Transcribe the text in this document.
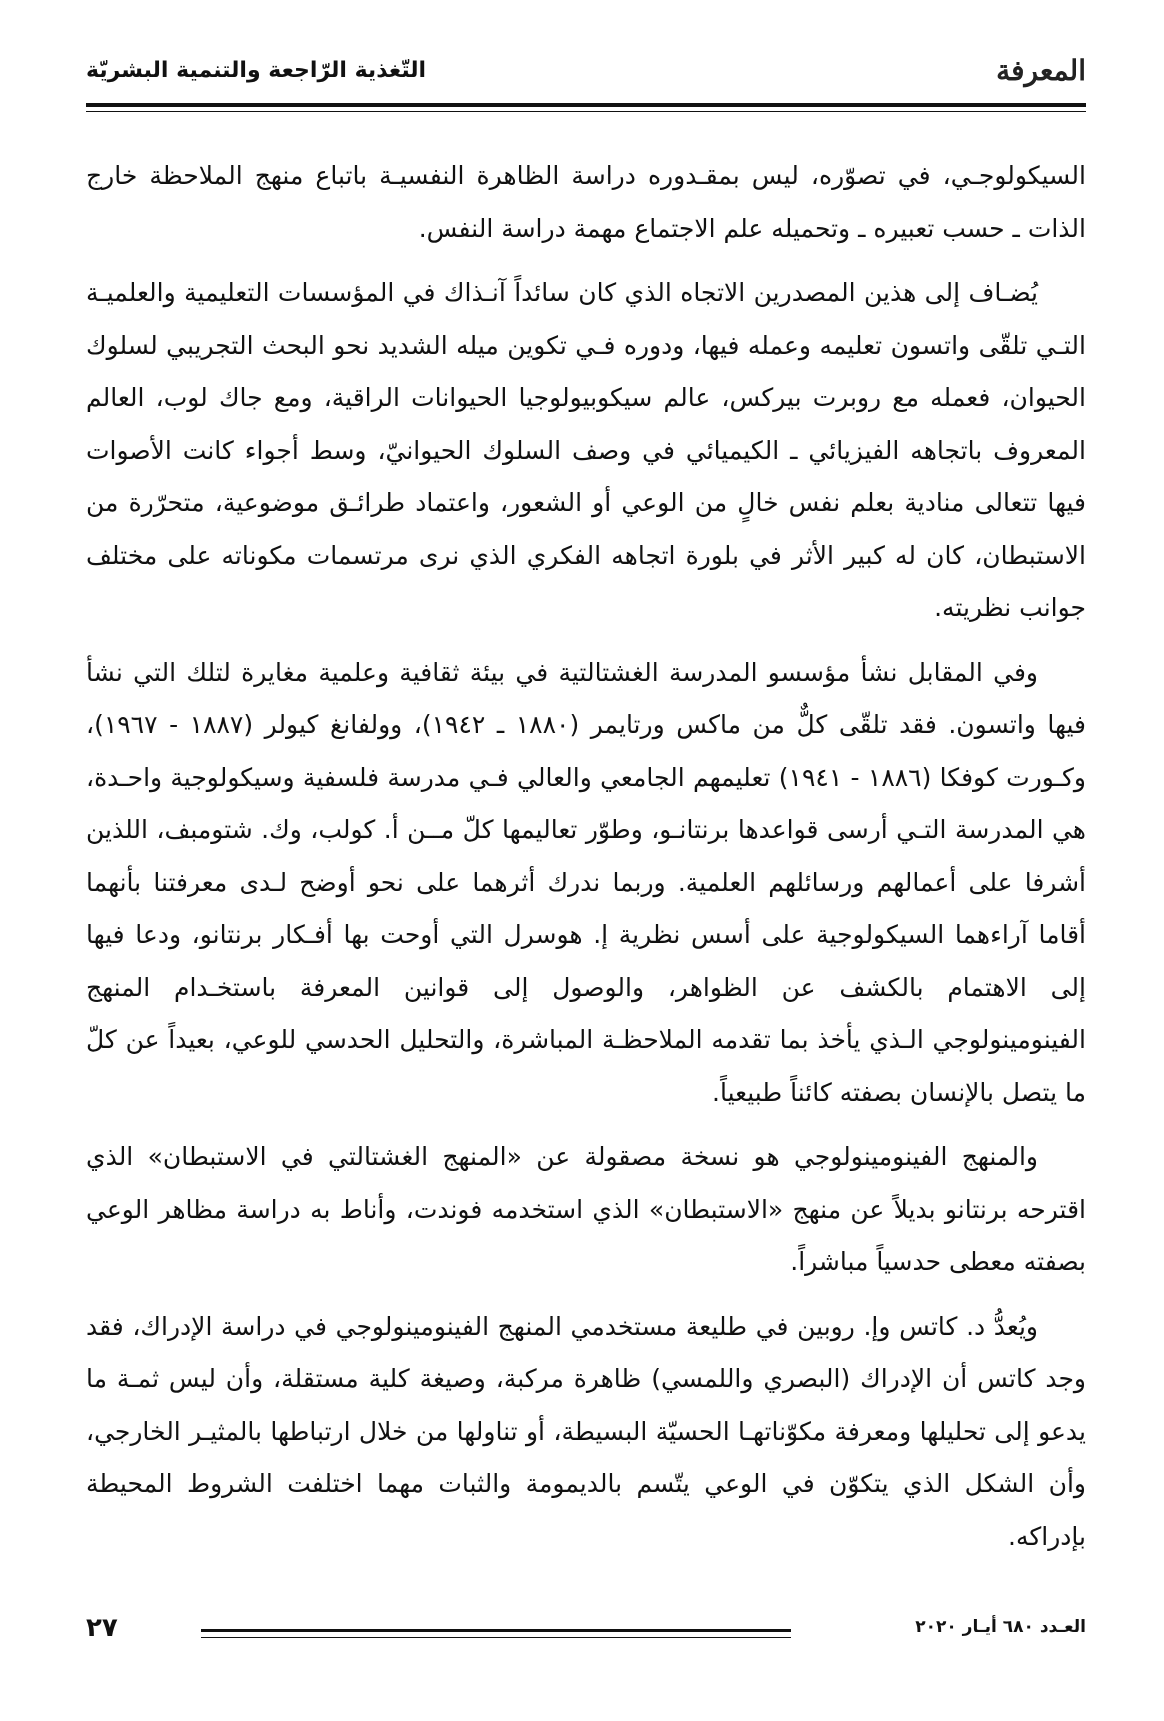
المعرفة
التّغذية الرّاجعة والتنمية البشريّة

السيكولوجـي، في تصوّره، ليس بمقـدوره دراسة الظاهرة النفسيـة باتباع منهج الملاحظة خارج الذات ـ حسب تعبيره ـ وتحميله علم الاجتماع مهمة دراسة النفس.

يُضـاف إلى هذين المصدرين الاتجاه الذي كان سائداً آنـذاك في المؤسسات التعليمية والعلميـة التـي تلقّى واتسون تعليمه وعمله فيها، ودوره فـي تكوين ميله الشديد نحو البحث التجريبي لسلوك الحيوان، فعمله مع روبرت بيركس، عالم سيكوبيولوجيا الحيوانات الراقية، ومع جاك لوب، العالم المعروف باتجاهه الفيزيائي ـ الكيميائي في وصف السلوك الحيوانيّ، وسط أجواء كانت الأصوات فيها تتعالى منادية بعلم نفس خالٍ من الوعي أو الشعور، واعتماد طرائـق موضوعية، متحرّرة من الاستبطان، كان له كبير الأثر في بلورة اتجاهه الفكري الذي نرى مرتسمات مكوناته على مختلف جوانب نظريته.

وفي المقابل نشأ مؤسسو المدرسة الغشتالتية في بيئة ثقافية وعلمية مغايرة لتلك التي نشأ فيها واتسون. فقد تلقّى كلٌّ من ماكس ورتايمر (١٨٨٠ ـ ١٩٤٢)، وولفانغ كيولر (١٨٨٧ - ١٩٦٧)، وكـورت كوفكا (١٨٨٦ - ١٩٤١) تعليمهم الجامعي والعالي فـي مدرسة فلسفية وسيكولوجية واحـدة، هي المدرسة التـي أرسى قواعدها برنتانـو، وطوّر تعاليمها كلّ مــن أ. كولب، وك. شتومبف، اللذين أشرفا على أعمالهم ورسائلهم العلمية. وربما ندرك أثرهما على نحو أوضح لـدى معرفتنا بأنهما أقاما آراءهما السيكولوجية على أسس نظرية إ. هوسرل التي أوحت بها أفـكار برنتانو، ودعا فيها إلى الاهتمام بالكشف عن الظواهر، والوصول إلى قوانين المعرفة باستخـدام المنهج الفينومينولوجي الـذي يأخذ بما تقدمه الملاحظـة المباشرة، والتحليل الحدسي للوعي، بعيداً عن كلّ ما يتصل بالإنسان بصفته كائناً طبيعياً.

والمنهج الفينومينولوجي هو نسخة مصقولة عن «المنهج الغشتالتي في الاستبطان» الذي اقترحه برنتانو بديلاً عن منهج «الاستبطان» الذي استخدمه فوندت، وأناط به دراسة مظاهر الوعي بصفته معطى حدسياً مباشراً.

ويُعدُّ د. كاتس وإ. روبين في طليعة مستخدمي المنهج الفينومينولوجي في دراسة الإدراك، فقد وجد كاتس أن الإدراك (البصري واللمسي) ظاهرة مركبة، وصيغة كلية مستقلة، وأن ليس ثمـة ما يدعو إلى تحليلها ومعرفة مكوّناتهـا الحسيّة البسيطة، أو تناولها من خلال ارتباطها بالمثيـر الخارجي، وأن الشكل الذي يتكوّن في الوعي يتّسم بالديمومة والثبات مهما اختلفت الشروط المحيطة بإدراكه.

العـدد ٦٨٠ أيـار ٢٠٢٠
٢٧
